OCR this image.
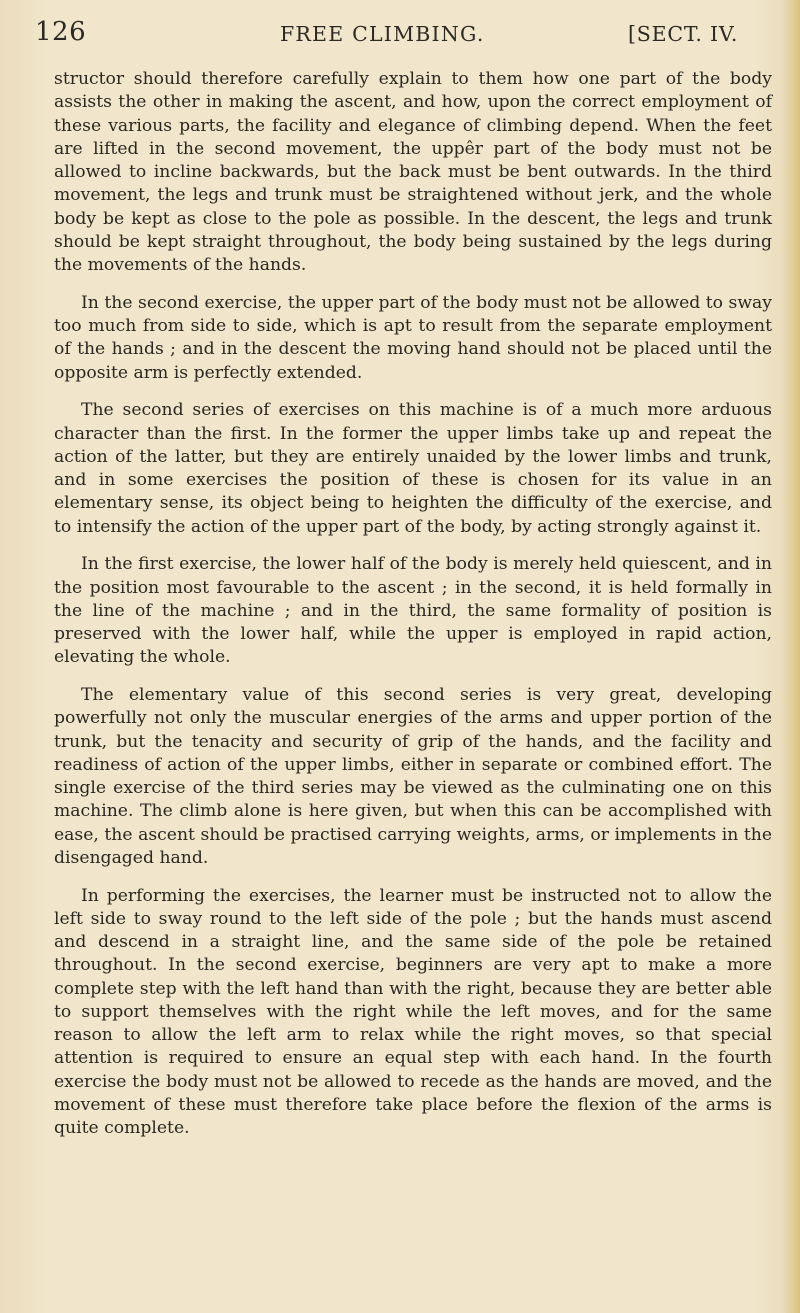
126	FREE CLIMBING.	[SECT. IV.

structor should therefore carefully explain to them how one part of the body assists the other in making the ascent, and how, upon the correct employment of these various parts, the facility and elegance of climbing depend. When the feet are lifted in the second movement, the uppêr part of the body must not be allowed to incline backwards, but the back must be bent outwards. In the third movement, the legs and trunk must be straightened without jerk, and the whole body be kept as close to the pole as possible. In the descent, the legs and trunk should be kept straight throughout, the body being sustained by the legs during the movements of the hands.

In the second exercise, the upper part of the body must not be allowed to sway too much from side to side, which is apt to result from the separate employment of the hands ; and in the descent the moving hand should not be placed until the opposite arm is perfectly extended.

The second series of exercises on this machine is of a much more arduous character than the first. In the former the upper limbs take up and repeat the action of the latter, but they are entirely unaided by the lower limbs and trunk, and in some exercises the position of these is chosen for its value in an elementary sense, its object being to heighten the difficulty of the exercise, and to intensify the action of the upper part of the body, by acting strongly against it.

In the first exercise, the lower half of the body is merely held quiescent, and in the position most favourable to the ascent ; in the second, it is held formally in the line of the machine ; and in the third, the same formality of position is preserved with the lower half, while the upper is employed in rapid action, elevating the whole.

The elementary value of this second series is very great, developing powerfully not only the muscular energies of the arms and upper portion of the trunk, but the tenacity and security of grip of the hands, and the facility and readiness of action of the upper limbs, either in separate or combined effort. The single exercise of the third series may be viewed as the culminating one on this machine. The climb alone is here given, but when this can be accomplished with ease, the ascent should be practised carrying weights, arms, or implements in the disengaged hand.

In performing the exercises, the learner must be instructed not to allow the left side to sway round to the left side of the pole ; but the hands must ascend and descend in a straight line, and the same side of the pole be retained throughout. In the second exercise, beginners are very apt to make a more complete step with the left hand than with the right, because they are better able to support themselves with the right while the left moves, and for the same reason to allow the left arm to relax while the right moves, so that special attention is required to ensure an equal step with each hand. In the fourth exercise the body must not be allowed to recede as the hands are moved, and the movement of these must therefore take place before the flexion of the arms is quite complete.
